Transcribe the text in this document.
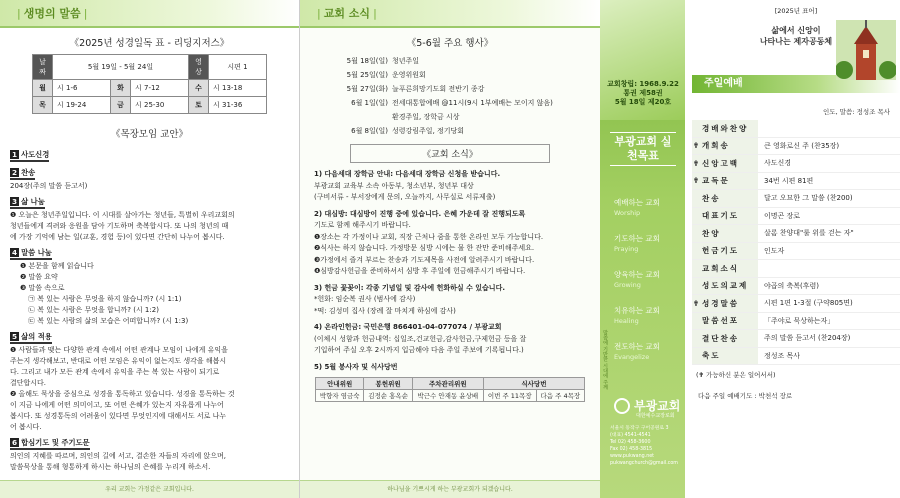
| 생명의 말씀 |
《2025년 성경일독 표 - 리딩지저스》
날짜	5월 19일 - 5월 24일			영상	시편 1
월	시 1-6	화	시 7-12	수	시 13-18
목	시 19-24	금	시 25-30	토	시 31-36
《목장모임 교안》
1 사도신경
2 찬송
204장(주의 말씀 듣고서)
3 삶 나눔
❶ 오늘은 청년주일입니다. 이 시대를 살아가는 청년들, 특별히 우리교회의
청년들에게 격려와 응원을 담아 기도하며 축복합시다. 또 나의 청년의 때
에 가장 기억에 남는 일(교훈, 경험 등)이 있다면 간단히 나누어 봅시다.
4 말씀 나눔
❶ 본문을 함께 읽습니다
❷ 말씀 요약
❸ 말씀 속으로
㉠ 복 있는 사람은 무엇을 하지 않습니까? (시 1:1)
㉡ 복 있는 사람은 무엇을 합니까? (시 1:2)
㉢ 복 있는 사람의 삶의 모습은 어떠합니까? (시 1:3)
5 삶의 적용
❶ 사람들과 맺는 다양한 관계 속에서 어떤 관계나 모임이 나에게 유익을
주는지 생각해보고, 반대로 어떤 모임은 유익이 없는지도 생각을 해봅시
다. 그리고 내가 모든 관계 속에서 유익을 주는 복 있는 사람이 되기로
결단합시다.
❷ 올해도 묵상을 중심으로 성경을 통독하고 있습니다. 성경을 통독하는 것
이 지금 나에게 어떤 의미이고, 또 어떤 은혜가 있는지 자유롭게 나누어
봅시다. 또 성경통독의 어려움이 있다면 무엇인지에 대해서도 서로 나누
어 봅시다.
6 합심기도 및 주기도문
의인의 지혜를 따르며, 의인의 길에 서고, 결손한 자들의 자리에 앉으며,
말씀묵상을 통해 형통하게 하시는 하나님의 은혜를 누리게 하소서.
우리 교회는 가정같은 교회입니다.
| 교회 소식 |
《5-6월 주요 행사》
5월 18일(일) 청년주일
5월 25일(일) 운영위원회
5월 27일(화) 늘푸른희망기도회 전반기 종강
6월 1일(일) 전세대통합예배 @11시(9시 1부예배는 모이지 않음)
환경주일, 장학금 시상
6월 8일(일) 성령강림주일, 정기당회
《교회 소식》
1) 다음세대 장학금 안내: 다음세대 장학금 신청을 받습니다.
부광교회 교육부 소속 아동부, 청소년부, 청년부 대상
(구비서류 - 부서장에게 문의, 오늘까지, 사무실로 서류제출)
2) 대심방: 대심방이 진행 중에 있습니다. 은혜 가운데 잘 진행되도록
기도로 함께 해주시기 바랍니다.
❶장소는 각 가정이나 교회, 직장 근처나 줌을 통한 온라인 모두 가능합니다.
❷식사는 하지 않습니다. 가정방문 심방 시에는 물 한 잔만 준비해주세요.
❸가정에서 즐겨 부르는 찬송과 기도제목을 사전에 알려주시기 바랍니다.
❹심방감사헌금을 준비하셔서 심방 후 주일에 헌금해주시기 바랍니다.
3) 헌금 꽃꽂이: 각종 기념일 및 감사에 헌화하실 수 있습니다.
*헌화: 임순복 권사 (범사에 감사)
*떡: 김성미 집사 (장례 잘 마치게 하심에 감사)
4) 온라인헌금: 국민은행 866401-04-077074 / 부광교회
(이체시 성함과 헌금내역: 십일조,건교헌금,감사헌금,구제헌금 등을 잘
기입하여 주실 오후 2시까지 입금해야 다음 주일 주보에 기록됩니다.)
5) 5월 봉사자 및 식사당번
안내위원	봉헌위원	주차관리위원	식사당번	
박향자 염금숙	김정순 홍옥순	박근수 안재동 윤상배	이번 주 11목장	다음 주 4목장
하나님을 기쁘시게 하는 부광교회가 되겠습니다.
교회창립: 1968.9.22
통권 제58권
5월 18일 제20호
부광교회 실천목표
예배하는 교회
Worship
기도하는 교회
Praying
양육하는 교회
Growing
치유하는 교회
Healing
전도하는 교회
Evangelize
부광교회
대한예수교장로회
서울시 동작구 구어공원로 3
(대표) 4541-4541
Tel 02) 458-3600
Fax 02) 458-3815
www.pukwang.net
pukwangchurch@gmail.com
말씀에 기반한 시대에 주께
[2025년 표어]
삶에서 신앙이
나타나는 제자공동체
주일예배
인도, 말씀: 정성조 목사
경배와찬양
✟ 개회송	큰 영화로신 주 (찬35장)
✟ 신앙고백	사도신경
✟ 교독문	34번 시편 81편
찬송	달고 오묘한 그 말씀 (찬200)
대표기도	이명곤 장로
찬양	살롬 찬양대"룰 위를 걷는 자"
헌금기도	인도자
교회소식
성도의교제	야곱의 축복(후렴)
✟ 성경말씀	시편 1편 1-3절 (구약805면)
말씀선포	「주야로 묵상하는자」
결단찬송	주의 말씀 듣고서 (찬204장)
축도	정성조 목사
(✟ 가능하신 분은 일어서서)
다음 주일 예배기도 : 박천석 장로
